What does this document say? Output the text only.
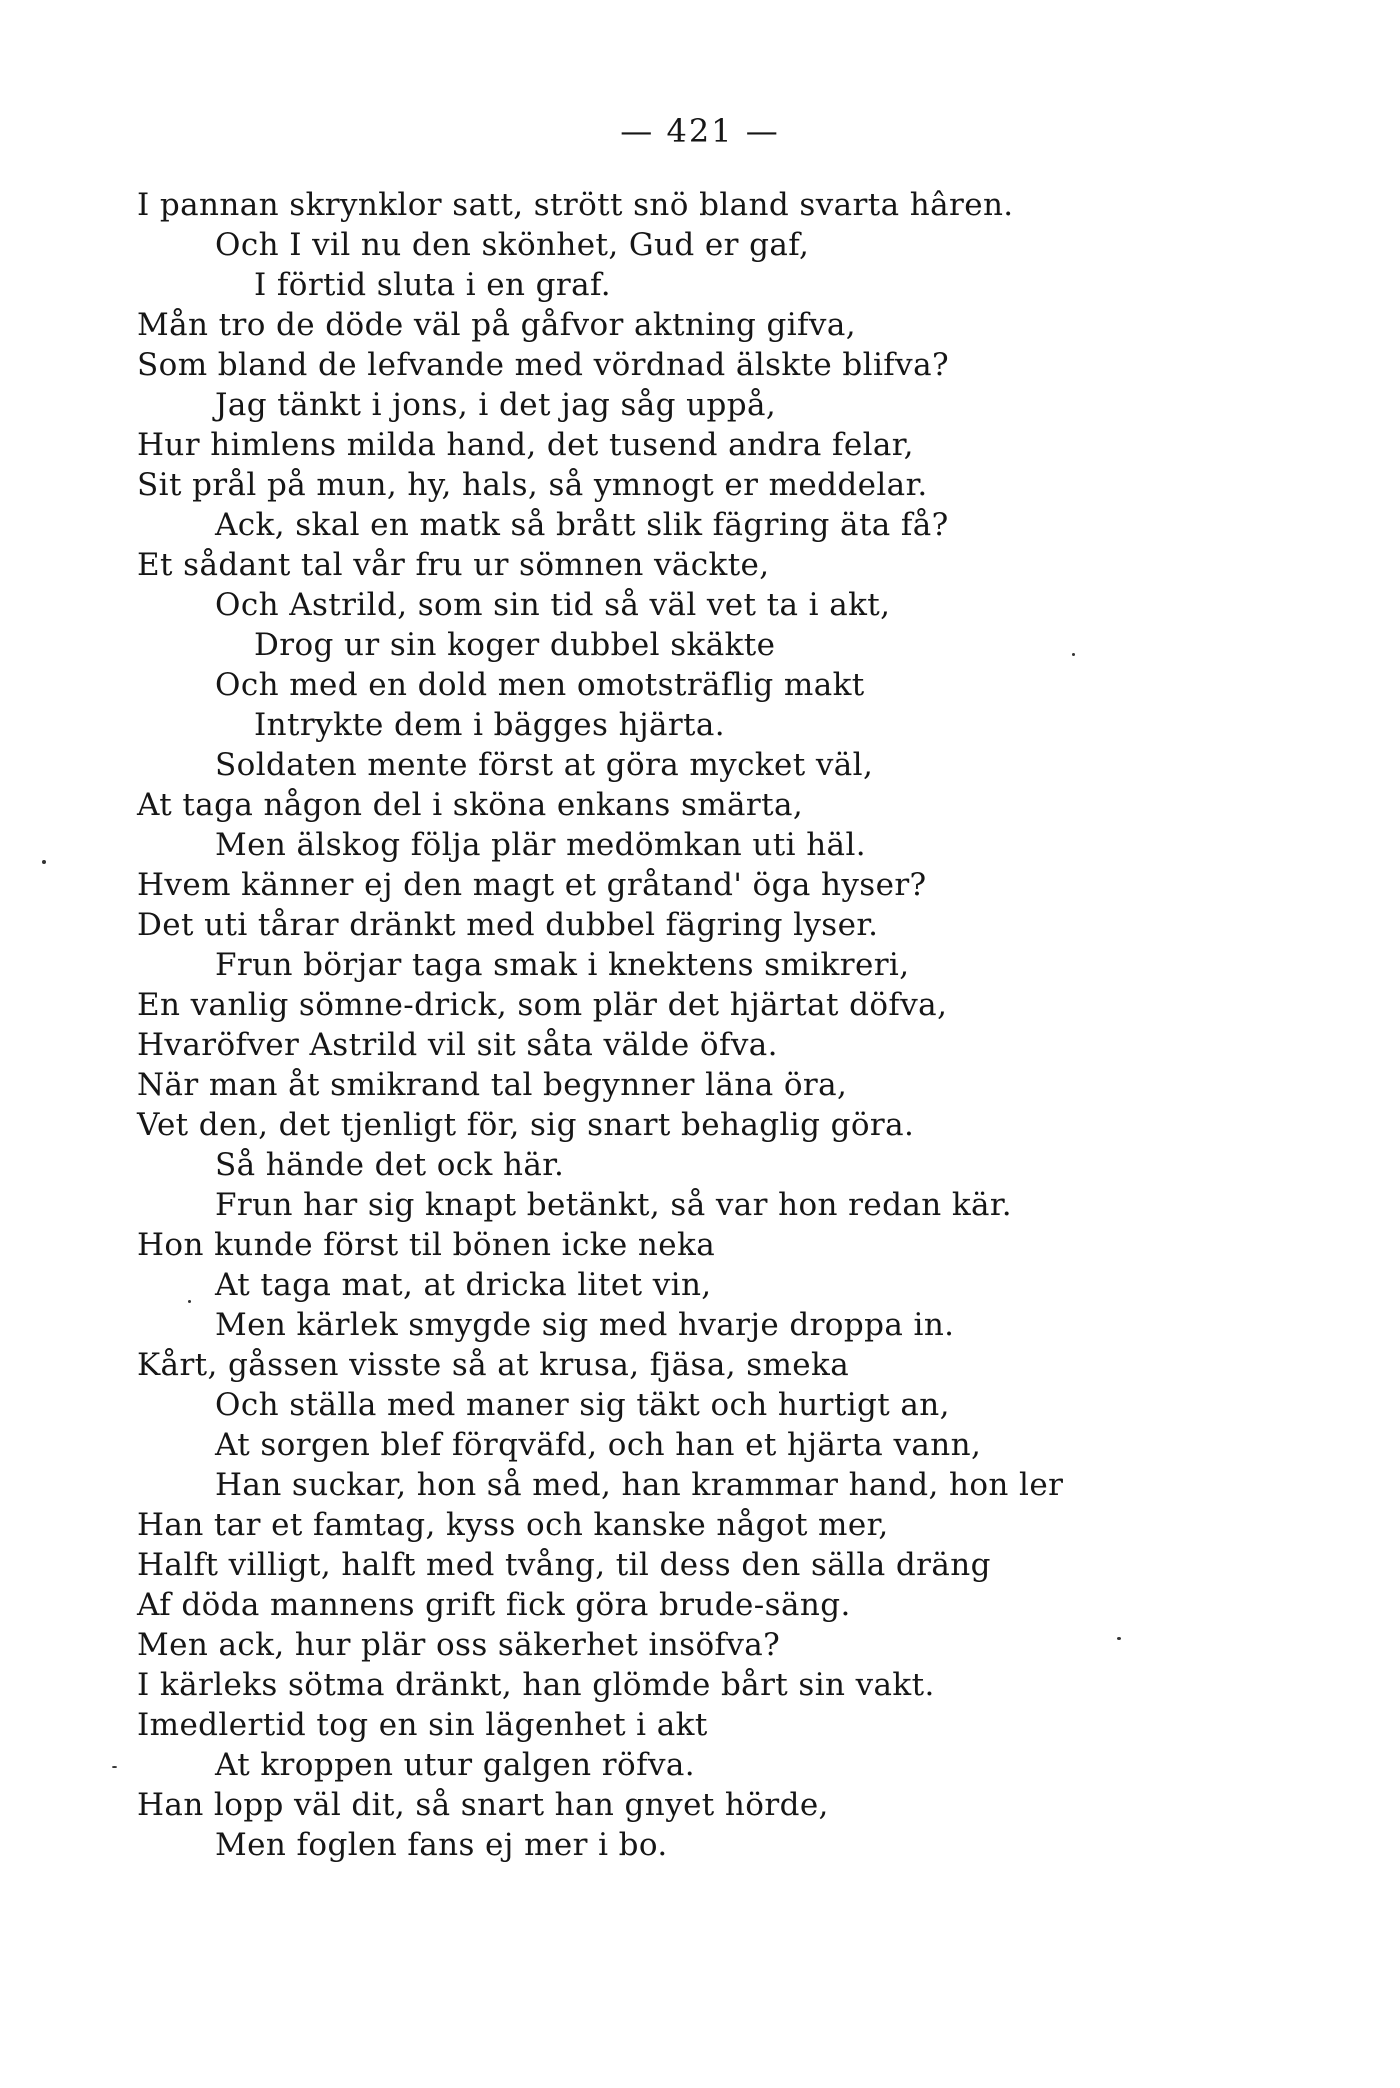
— 421 —
I pannan skrynklor satt, strött snö bland svarta hâren.
Och I vil nu den skönhet, Gud er gaf,
I förtid sluta i en graf.
Mån tro de döde väl på gåfvor aktning gifva,
Som bland de lefvande med vördnad älskte blifva?
Jag tänkt i jons, i det jag såg uppå,
Hur himlens milda hand, det tusend andra felar,
Sit prål på mun, hy, hals, så ymnogt er meddelar.
Ack, skal en matk så brått slik fägring äta få?
Et sådant tal vår fru ur sömnen väckte,
Och Astrild, som sin tid så väl vet ta i akt,
Drog ur sin koger dubbel skäkte
Och med en dold men omotsträflig makt
Intrykte dem i bägges hjärta.
Soldaten mente först at göra mycket väl,
At taga någon del i sköna enkans smärta,
Men älskog följa plär medömkan uti häl.
Hvem känner ej den magt et gråtand' öga hyser?
Det uti tårar dränkt med dubbel fägring lyser.
Frun börjar taga smak i knektens smikreri,
En vanlig sömne-drick, som plär det hjärtat döfva,
Hvaröfver Astrild vil sit såta välde öfva.
När man åt smikrand tal begynner läna öra,
Vet den, det tjenligt för, sig snart behaglig göra.
Så hände det ock här.
Frun har sig knapt betänkt, så var hon redan kär.
Hon kunde först til bönen icke neka
At taga mat, at dricka litet vin,
Men kärlek smygde sig med hvarje droppa in.
Kårt, gåssen visste så at krusa, fjäsa, smeka
Och ställa med maner sig täkt och hurtigt an,
At sorgen blef förqväfd, och han et hjärta vann,
Han suckar, hon så med, han krammar hand, hon ler
Han tar et famtag, kyss och kanske något mer,
Halft villigt, halft med tvång, til dess den sälla dräng
Af döda mannens grift fick göra brude-säng.
Men ack, hur plär oss säkerhet insöfva?
I kärleks sötma dränkt, han glömde bårt sin vakt.
Imedlertid tog en sin lägenhet i akt
At kroppen utur galgen röfva.
Han lopp väl dit, så snart han gnyet hörde,
Men foglen fans ej mer i bo.
